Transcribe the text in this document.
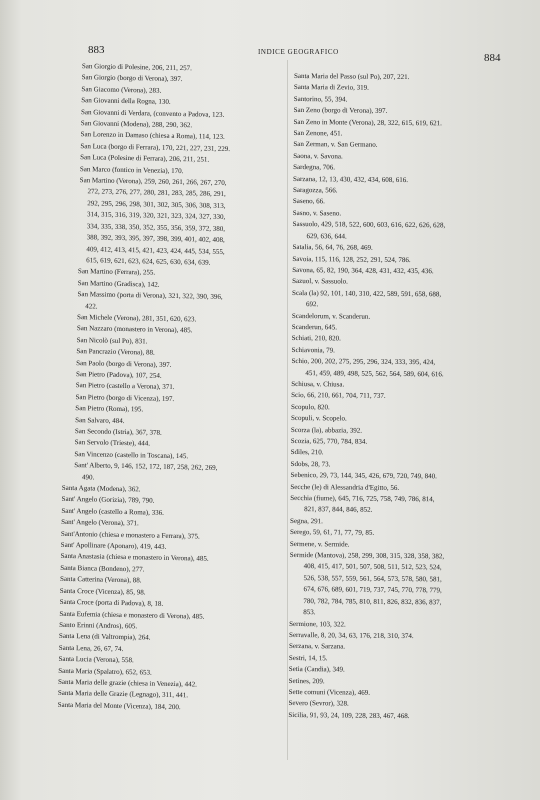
883	INDICE GEOGRAFICO	884

San Giorgio di Polesine, 206, 211, 257.

San Giorgio (borgo di Verona), 397.

San Giacomo (Verona), 283.

San Giovanni della Rogna, 130.

San Giovanni di Verdara, (convento a Padova, 123.

San Giovanni (Modena), 288, 290, 362.

San Lorenzo in Damaso (chiesa a Roma), 114, 123.

San Luca (borgo di Ferrara), 170, 221, 227, 231, 229.

San Luca (Polesine di Ferrara), 206, 211, 251.

San Marco (fontico in Venezia), 170.

San Martino (Verona), 259, 260, 261, 266, 267, 270,

272, 273, 276, 277, 280, 281, 283, 285, 286, 291,

292, 295, 296, 298, 301, 302, 305, 306, 308, 313,

314, 315, 316, 319, 320, 321, 323, 324, 327, 330,

334, 335, 338, 350, 352, 355, 356, 359, 372, 380,

388, 392, 393, 395, 397, 398, 399, 401, 402, 408,

409, 412, 413, 415, 421, 423, 424, 445, 534, 555,

615, 619, 621, 623, 624, 625, 630, 634, 639.

San Martino (Ferrara), 255.

San Martino (Gradisca), 142.

San Massimo (porta di Verona), 321, 322, 390, 396,

422.

San Michele (Verona), 281, 351, 620, 623.

San Nazzaro (monastero in Verona), 485.

San Nicolò (sul Po), 831.

San Pancrazio (Verona), 88.

San Paolo (borgo di Verona), 397.

San Pietro (Padova), 107, 254.

San Pietro (castello a Verona), 371.

San Pietro (borgo di Vicenza), 197.

San Pietro (Roma), 195.

San Salvaro, 484.

San Secondo (Istria), 367, 378.

San Servolo (Trieste), 444.

San Vincenzo (castello in Toscana), 145.

Sant' Alberto, 9, 146, 152, 172, 187, 258, 262, 269,

490.

Santa Agata (Modena), 362.

Sant' Angelo (Gorizia), 789, 790.

Sant' Angelo (castello a Roma), 336.

Sant' Angelo (Verona), 371.

Sant'Antonio (chiesa e monastero a Ferrara), 375.

Sant' Apollinare (Aponaro), 419, 443.

Santa Anastasia (chiesa e monastero in Verona), 485.

Santa Bianca (Bondeno), 277.

Santa Catterina (Verona), 88.

Santa Croce (Vicenza), 85, 98.

Santa Croce (porta di Padova), 8, 18.

Santa Eufemia (chiesa e monastero di Verona), 485.

Santo Erinni (Andros), 605.

Santa Lena (di Valtrompia), 264.

Santa Lena, 26, 67, 74.

Santa Lucia (Verona), 558.

Santa Maria (Spalatro), 652, 653.

Santa Maria delle grazie (chiesa in Venezia), 442.

Santa Maria delle Grazie (Legnago), 311, 441.

Santa Maria del Monte (Vicenza), 184, 200.

Santa Maria del Passo (sul Po), 207, 221.

Santa Maria di Zevio, 319.

Santorino, 55, 394.

San Zeno (borgo di Verona), 397.

San Zeno in Monte (Verona), 28, 322, 615, 619, 621.

San Zenone, 451.

San Zerman, v. San Germano.

Saona, v. Savona.

Sardegna, 706.

Sarzana, 12, 13, 430, 432, 434, 608, 616.

Saragozza, 566.

Saseno, 66.

Sasno, v. Saseno.

Sassuolo, 429, 518, 522, 600, 603, 616, 622, 626, 628,

629, 636, 644.

Satalia, 56, 64, 76, 268, 469.

Savoia, 115, 116, 128, 252, 291, 524, 786.

Savona, 65, 82, 190, 364, 428, 431, 432, 435, 436.

Sazuol, v. Sassuolo.

Scala (la) 92, 101, 140, 310, 422, 589, 591, 658, 688,

692.

Scandelorum, v. Scanderun.

Scanderun, 645.

Schiati, 210, 820.

Schiavonia, 79.

Schio, 200, 202, 275, 295, 296, 324, 333, 395, 424,

451, 459, 489, 498, 525, 562, 564, 589, 604, 616.

Schiusa, v. Chiusa.

Scio, 66, 210, 661, 704, 711, 737.

Scopulo, 820.

Scopuli, v. Scopelo.

Scorza (la), abbazia, 392.

Scozia, 625, 770, 784, 834.

Sdiles, 210.

Sdobs, 28, 73.

Sebenico, 29, 73, 144, 345, 426, 679, 720, 749, 840.

Secche (le) di Alessandria d'Egitto, 56.

Secchia (fiume), 645, 716, 725, 758, 749, 786, 814,

821, 837, 844, 846, 852.

Segna, 291.

Serego, 59, 61, 71, 77, 79, 85.

Sermene, v. Sermide.

Sermide (Mantova), 258, 299, 308, 315, 328, 358, 382,

408, 415, 417, 501, 507, 508, 511, 512, 523, 524,

526, 538, 557, 559, 561, 564, 573, 578, 580, 581,

674, 676, 689, 601, 719, 737, 745, 770, 778, 779,

780, 782, 784, 785, 810, 811, 826, 832, 836, 837,

853.

Sermione, 103, 322.

Serravalle, 8, 20, 34, 63, 176, 218, 310, 374.

Serzana, v. Sarzana.

Sestri, 14, 15.

Setia (Candia), 349.

Setines, 209.

Sette comuni (Vicenza), 469.

Severo (Sevror), 328.

Sicilia, 91, 93, 24, 109, 228, 283, 467, 468.
